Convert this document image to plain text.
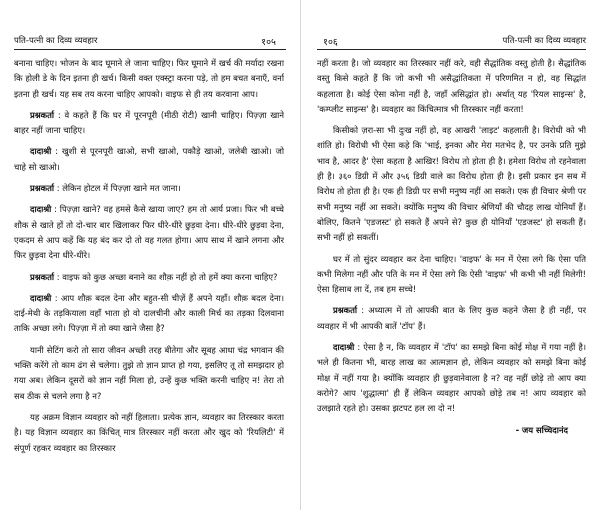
पति-पत्नी का दिव्य व्यवहार	१०५

बनाना चाहिए। भोजन के बाद घूमाने ले जाना चाहिए। फिर घूमाने में खर्च की मर्यादा रखना कि होली डे के दिन इतना ही खर्च। किसी वक्त एक्स्ट्रा करना पड़े, तो हम बचत बनाएँ, वर्ना इतना ही खर्च। यह सब तय करना चाहिए आपको। वाइफ से ही तय करवाना आप।

प्रश्नकर्ता : वे कहते हैं कि घर में पूरनपूरी (मीठी रोटी) खानी चाहिए। पिज़्ज़ा खाने बाहर नहीं जाना चाहिए।

दादाश्री : खुशी से पूरनपूरी खाओ, सभी खाओ, पकौड़े खाओ, जलेबी खाओ। जो चाहे सो खाओ।

प्रश्नकर्ता : लेकिन होटल में पिज़्ज़ा खाने मत जाना।

दादाश्री : पिज़्ज़ा खाने? वह हमसे कैसे खाया जाए? हम तो आर्य प्रजा। फिर भी बच्चे शौक से खाते हों तो दो-चार बार खिलाकर फिर धीरे-धीरे छुड़वा देना। धीरे-धीरे छुड़वा देना, एकदम से आप कहें कि यह बंद कर दो तो वह गलत होगा। आप साथ में खाने लगना और फिर छुड़वा देना धीरे-धीरे।

प्रश्नकर्ता : वाइफ को कुछ अच्छा बनाने का शौक़ नहीं हो तो हमें क्या करना चाहिए?

दादाश्री : आप शौक़ बदल देना और बहुत-सी चीज़ें हैं अपने यहाँ। शौक़ बदल देना। दाई-मेथी के तड़कियाला वहाँ भाता हो वो दालचीनी और काली मिर्च का तड़का दिलवाना ताकि अच्छा लगे। पिज़्ज़ा में तो क्या खाने जैसा है?

यानी सेटिंग करो तो सारा जीवन अच्छी तरह बीतेगा और सूबह आधा चंद्र भगवान की भक्ति करेंगे तो काम ढंग से चलेगा। तुझे तो ज्ञान प्राप्त हो गया, इसलिए तू तो समझदार हो गया अब। लेकिन दूसरों को ज्ञान नहीं मिला हो, उन्हें कुछ भक्ति करनी चाहिए न! तेरा तो सब ठीक से चलने लगा है न?

यह अक्रम विज्ञान व्यवहार को नहीं हिलाता। प्रत्येक ज्ञान, व्यवहार का तिरस्कार करता है। यह विज्ञान व्यवहार का किंचित् मात्र तिरस्कार नहीं करता और खुद को 'रियलिटी' में संपूर्ण रहकर व्यवहार का तिरस्कार

१०६	पति-पत्नी का दिव्य व्यवहार

नहीं करता है। जो व्यवहार का तिरस्कार नहीं करे, वही सैद्धांतिक वस्तु होती है। सैद्धांतिक वस्तु किसे कहते हैं कि जो कभी भी असैद्धांतिकता में परिणमित न हो, वह सिद्धांत कहलाता है। कोई ऐसा कोना नहीं है, जहाँ असिद्धांत हो। अर्थात् यह 'रियल साइन्स' है, 'कम्प्लीट साइन्स' है। व्यवहार का किंचित्मात्र भी तिरस्कार नहीं करता!

किसीको ज़रा-सा भी दुःख नहीं हो, वह आखरी 'लाइट' कहलाती है। विरोधी को भी शांति हो। विरोधी भी ऐसा कहे कि 'भाई, इनका और मेरा मतभेद है, पर उनके प्रति मुझे भाव है, आदर है' ऐसा कहता है आखिर! विरोध तो होता ही है। हमेशा विरोध तो रहनेवाला ही है। ३६० डिग्री में और ३५६ डिग्री वाले का विरोध होता ही है। इसी प्रकार इन सब में विरोध तो होता ही है। एक ही डिग्री पर सभी मनुष्य नहीं आ सकते। एक ही विचार श्रेणी पर सभी मनुष्य नहीं आ सकते। क्योंकि मनुष्य की विचार श्रेणियाँ की चौदह लाख योनियाँ हैं। बोलिए, कितने 'एडजस्ट' हो सकते हैं अपने से? कुछ ही योनियाँ 'एडजस्ट' हो सकती हैं। सभी नहीं हो सकतीं।

घर में तो सुंदर व्यवहार कर देना चाहिए। 'वाइफ' के मन में ऐसा लगे कि ऐसा पति कभी मिलेगा नहीं और पति के मन में ऐसा लगे कि ऐसी 'वाइफ' भी कभी भी नहीं मिलेगी! ऐसा हिसाब ला दें, तब हम सच्चे!

प्रश्नकर्ता : अध्यात्म में तो आपकी बात के लिए कुछ कहने जैसा है ही नहीं, पर व्यवहार में भी आपकी बातें 'टॉप' हैं।

दादाश्री : ऐसा है न, कि व्यवहार में 'टॉप' का समझे बिना कोई मोक्ष में गया नहीं है। भले ही कितना भी, बारह लाख का आत्मज्ञान हो, लेकिन व्यवहार को समझे बिना कोई मोक्ष में नहीं गया है। क्योंकि व्यवहार ही छुड़वानेवाला है न? वह नहीं छोड़े तो आप क्या करोगे? आप 'शुद्धात्मा' ही हैं लेकिन व्यवहार आपको छोड़े तब न! आप व्यवहार को उलझाते रहते हो। उसका झटपट हल ला दो न!

- जय सच्चिदानंद
